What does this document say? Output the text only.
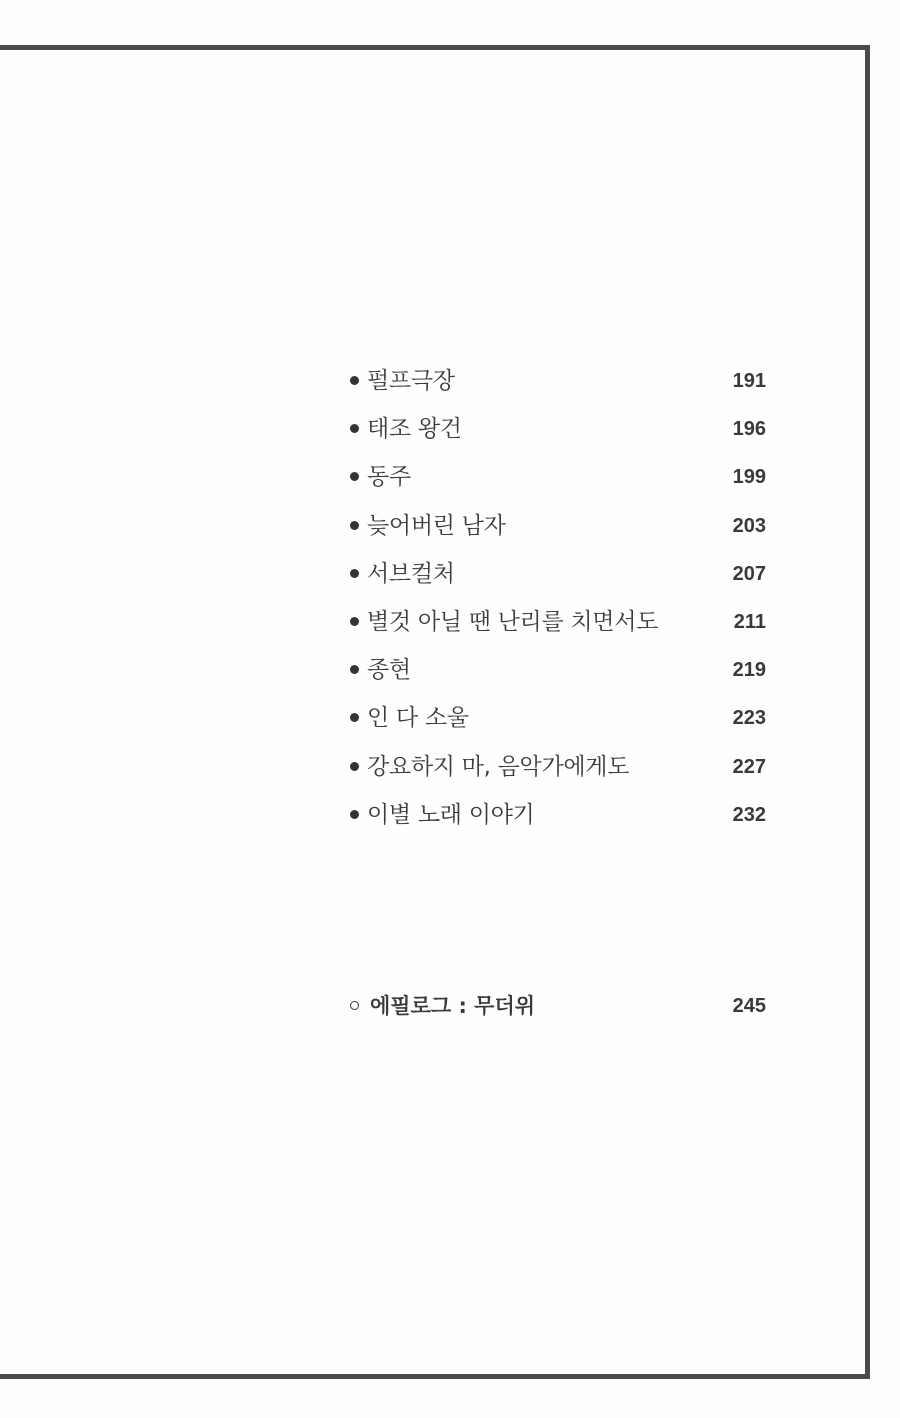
펄프극장	191
태조 왕건	196
동주	199
늦어버린 남자	203
서브컬처	207
별것 아닐 땐 난리를 치면서도	211
종현	219
인 다 소울	223
강요하지 마, 음악가에게도	227
이별 노래 이야기	232
에필로그 : 무더위	245
